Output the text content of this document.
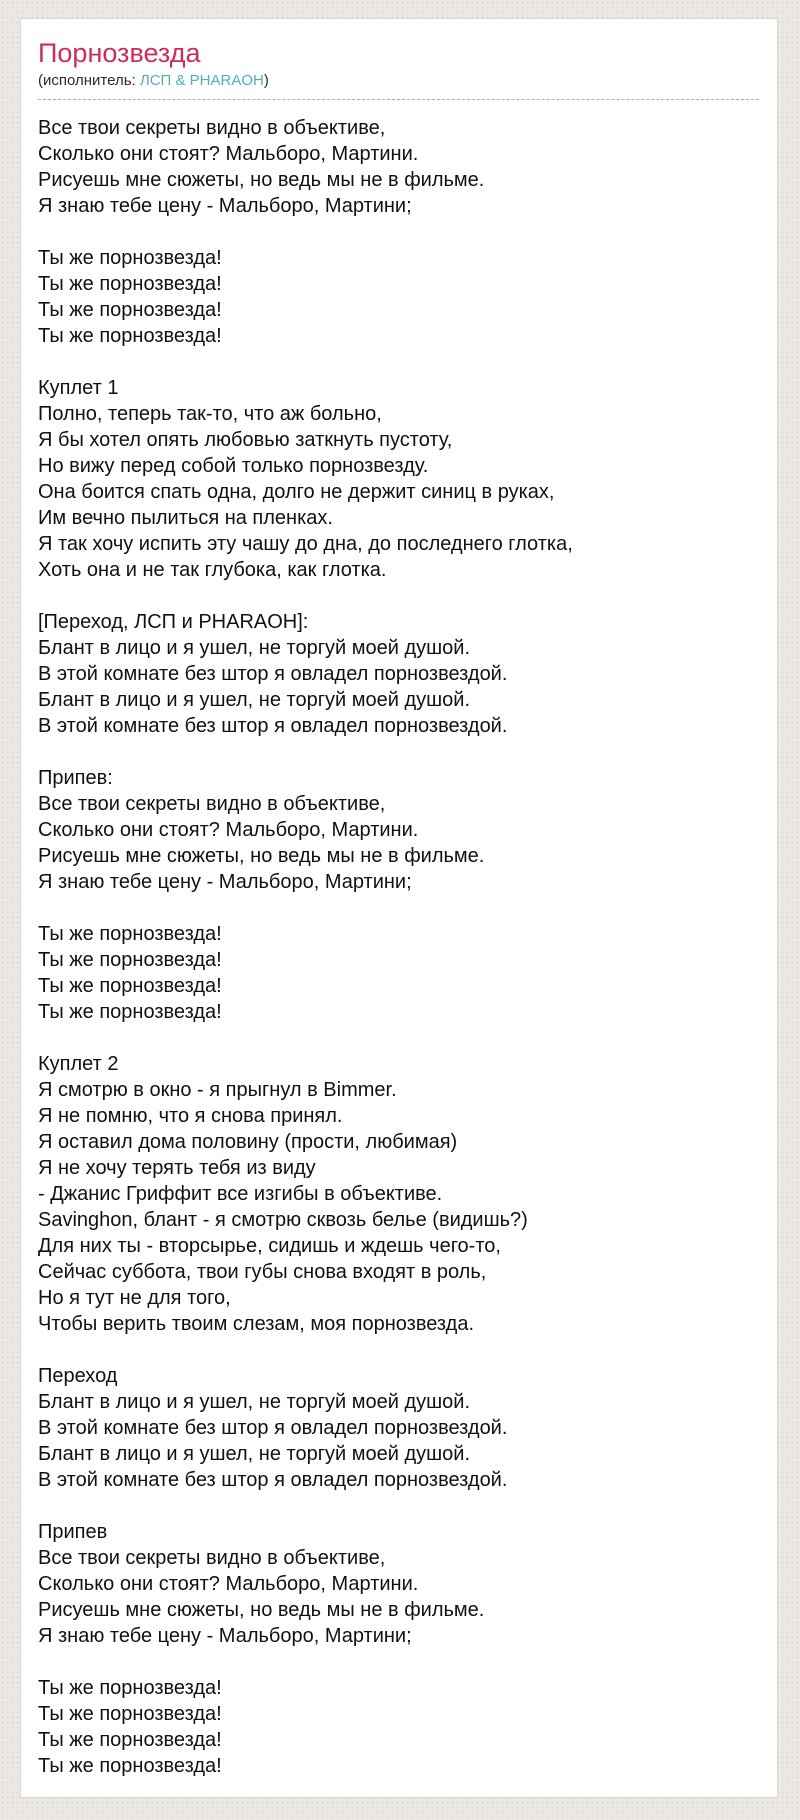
Порнозвезда
(исполнитель: ЛСП & PHARAOH)

Все твои секреты видно в объективе,
Сколько они стоят? Мальборо, Мартини.
Рисуешь мне сюжеты, но ведь мы не в фильме.
Я знаю тебе цену - Мальборо, Мартини;

Ты же порнозвезда!
Ты же порнозвезда!
Ты же порнозвезда!
Ты же порнозвезда!

Куплет 1
Полно, теперь так-то, что аж больно,
Я бы хотел опять любовью заткнуть пустоту,
Но вижу перед собой только порнозвезду.
Она боится спать одна, долго не держит синиц в руках,
Им вечно пылиться на пленках.
Я так хочу испить эту чашу до дна, до последнего глотка,
Хоть она и не так глубока, как глотка.

[Переход, ЛСП и PHARAOH]:
Блант в лицо и я ушел, не торгуй моей душой.
В этой комнате без штор я овладел порнозвездой.
Блант в лицо и я ушел, не торгуй моей душой.
В этой комнате без штор я овладел порнозвездой.

Припев:
Все твои секреты видно в объективе,
Сколько они стоят? Мальборо, Мартини.
Рисуешь мне сюжеты, но ведь мы не в фильме.
Я знаю тебе цену - Мальборо, Мартини;

Ты же порнозвезда!
Ты же порнозвезда!
Ты же порнозвезда!
Ты же порнозвезда!

Куплет 2
Я смотрю в окно - я прыгнул в Bimmer.
Я не помню, что я снова принял.
Я оставил дома половину (прости, любимая)
Я не хочу терять тебя из виду
- Джанис Гриффит все изгибы в объективе.
Savinghon, блант - я смотрю сквозь белье (видишь?)
Для них ты - вторсырье, сидишь и ждешь чего-то,
Сейчас суббота, твои губы снова входят в роль,
Но я тут не для того,
Чтобы верить твоим слезам, моя порнозвезда.

Переход
Блант в лицо и я ушел, не торгуй моей душой.
В этой комнате без штор я овладел порнозвездой.
Блант в лицо и я ушел, не торгуй моей душой.
В этой комнате без штор я овладел порнозвездой.

Припев
Все твои секреты видно в объективе,
Сколько они стоят? Мальборо, Мартини.
Рисуешь мне сюжеты, но ведь мы не в фильме.
Я знаю тебе цену - Мальборо, Мартини;

Ты же порнозвезда!
Ты же порнозвезда!
Ты же порнозвезда!
Ты же порнозвезда!
